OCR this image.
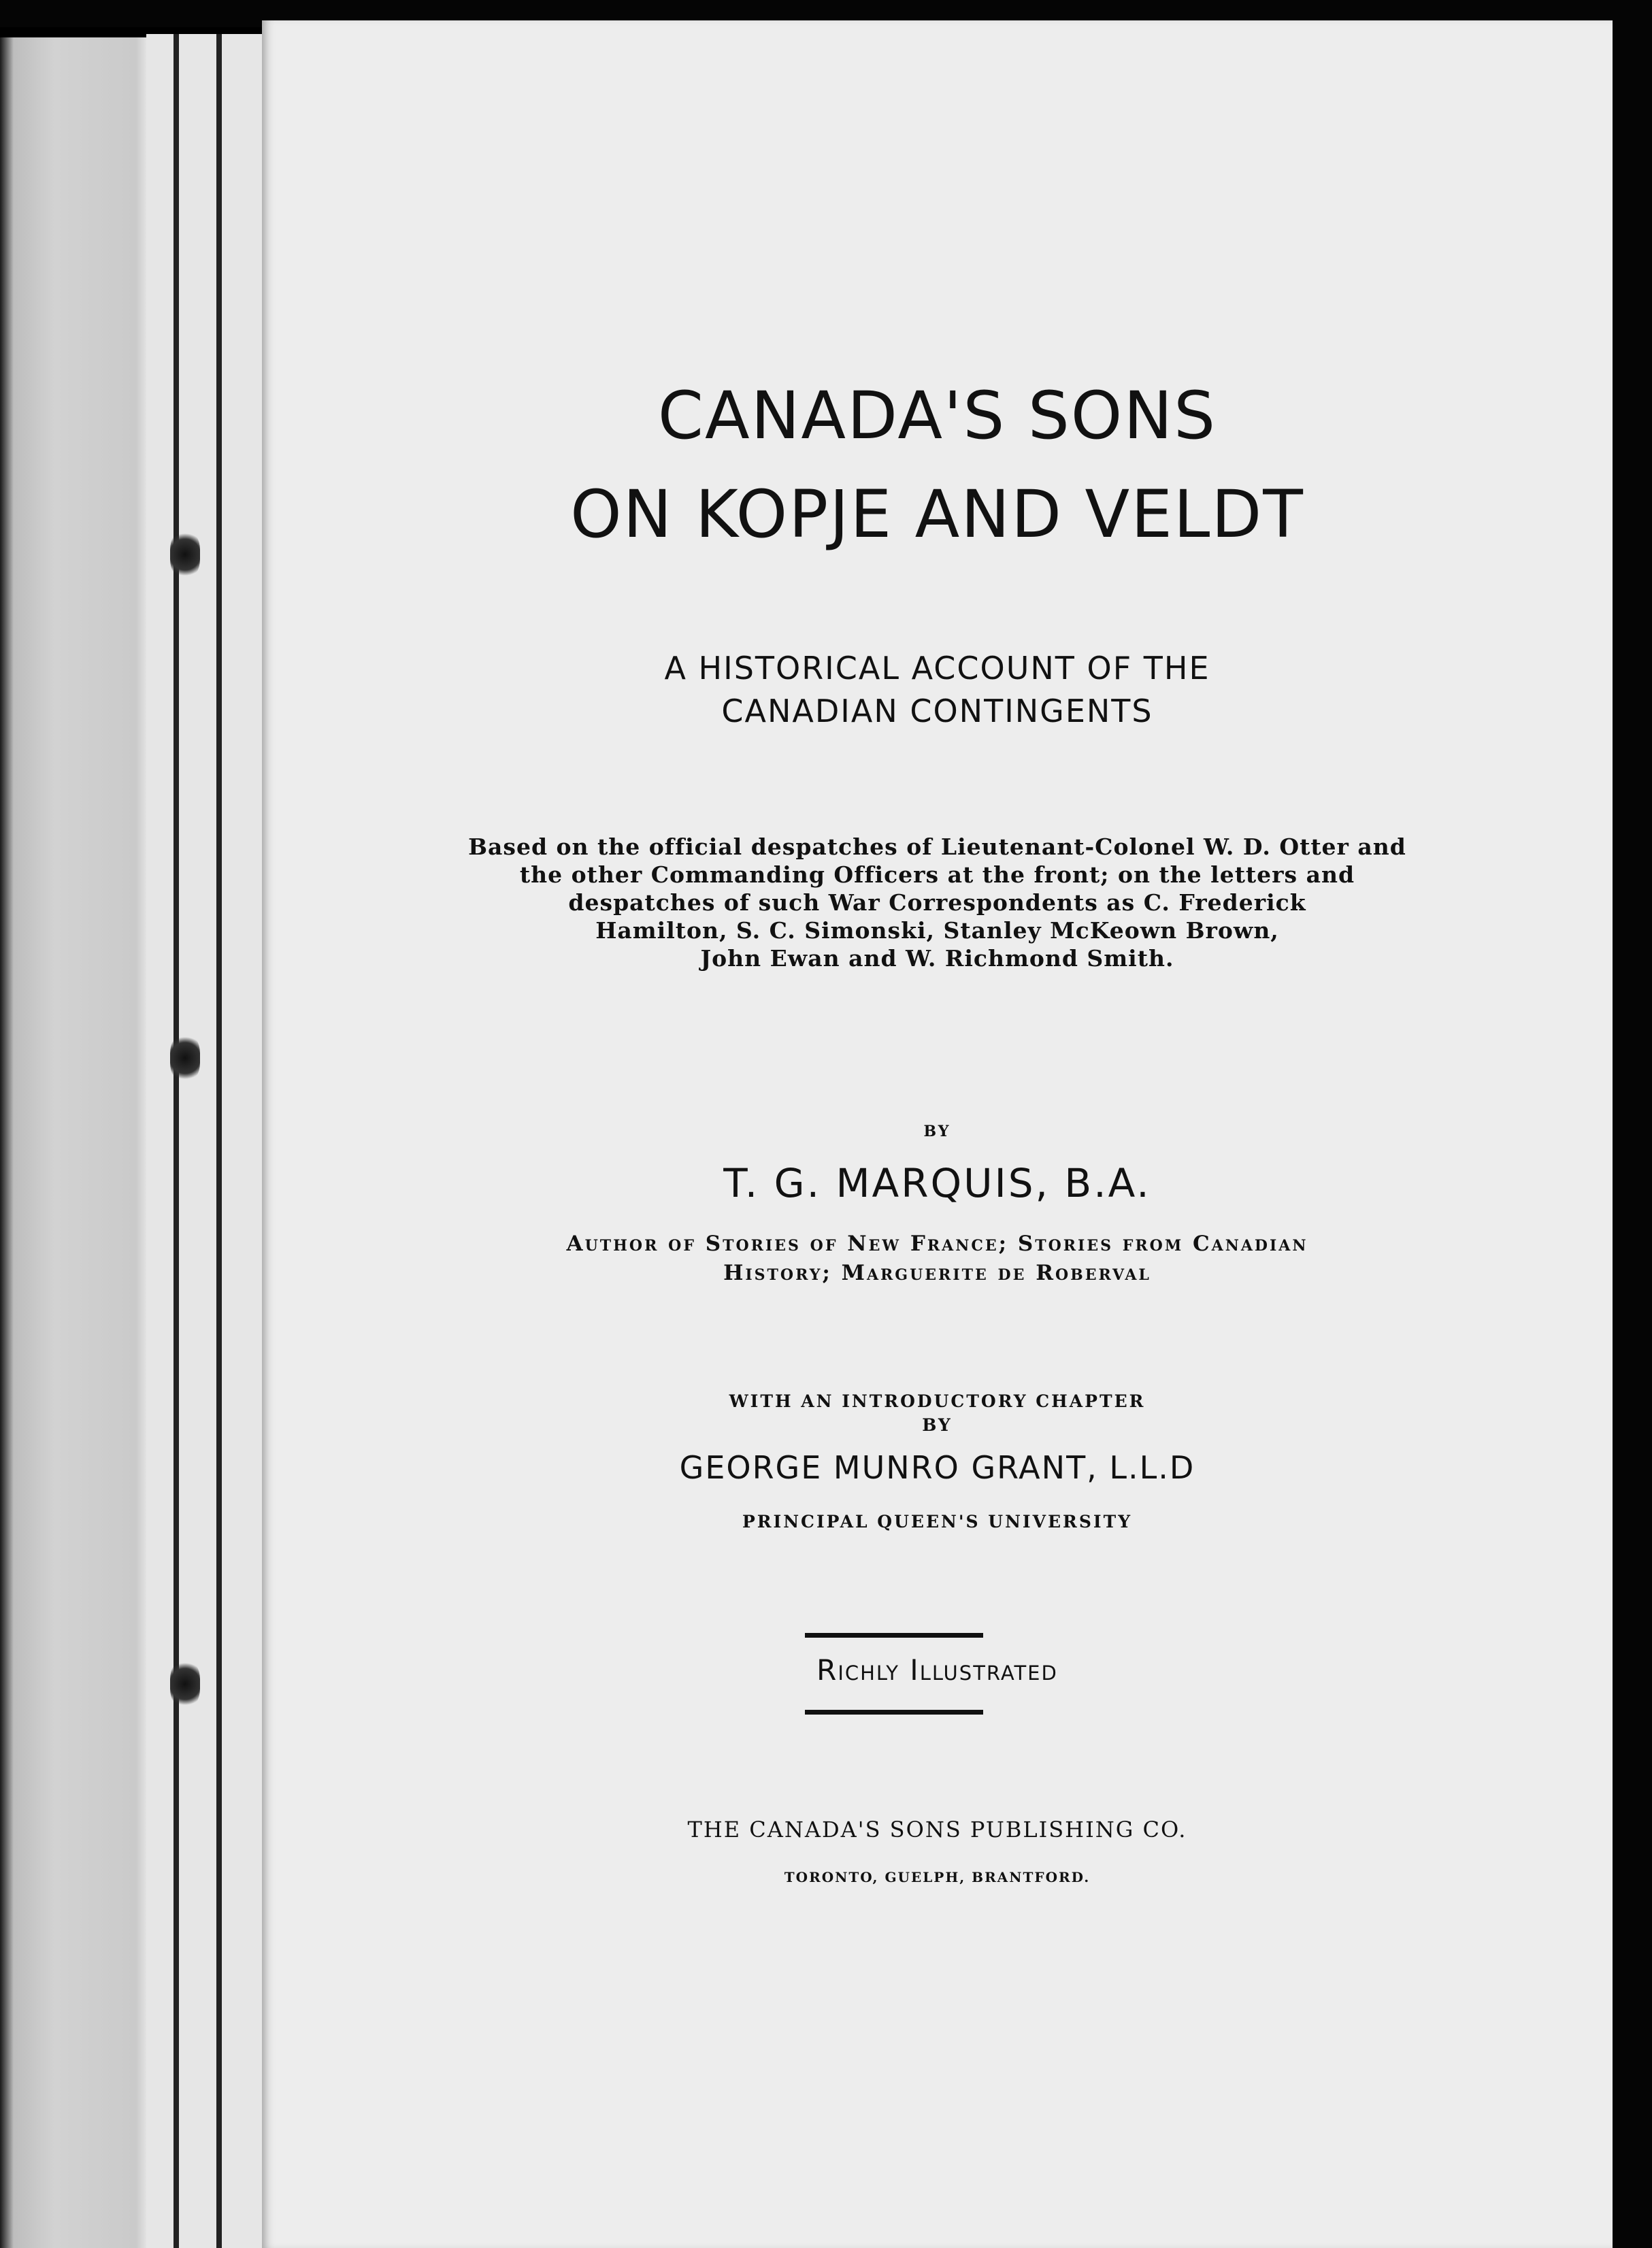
CANADA'S SONS
ON KOPJE AND VELDT

A HISTORICAL ACCOUNT OF THE

CANADIAN CONTINGENTS

Based on the official despatches of Lieutenant-Colonel W. D. Otter and

the other Commanding Officers at the front; on the letters and

despatches of such War Correspondents as C. Frederick

Hamilton, S. C. Simonski, Stanley McKeown Brown,

John Ewan and W. Richmond Smith.

BY

T. G. MARQUIS, B.A.

Author of Stories of New France; Stories from Canadian

History; Marguerite de Roberval

WITH AN INTRODUCTORY CHAPTER

BY

GEORGE MUNRO GRANT, L.L.D

PRINCIPAL QUEEN'S UNIVERSITY

Richly Illustrated

THE CANADA'S SONS PUBLISHING CO.

TORONTO, GUELPH, BRANTFORD.
